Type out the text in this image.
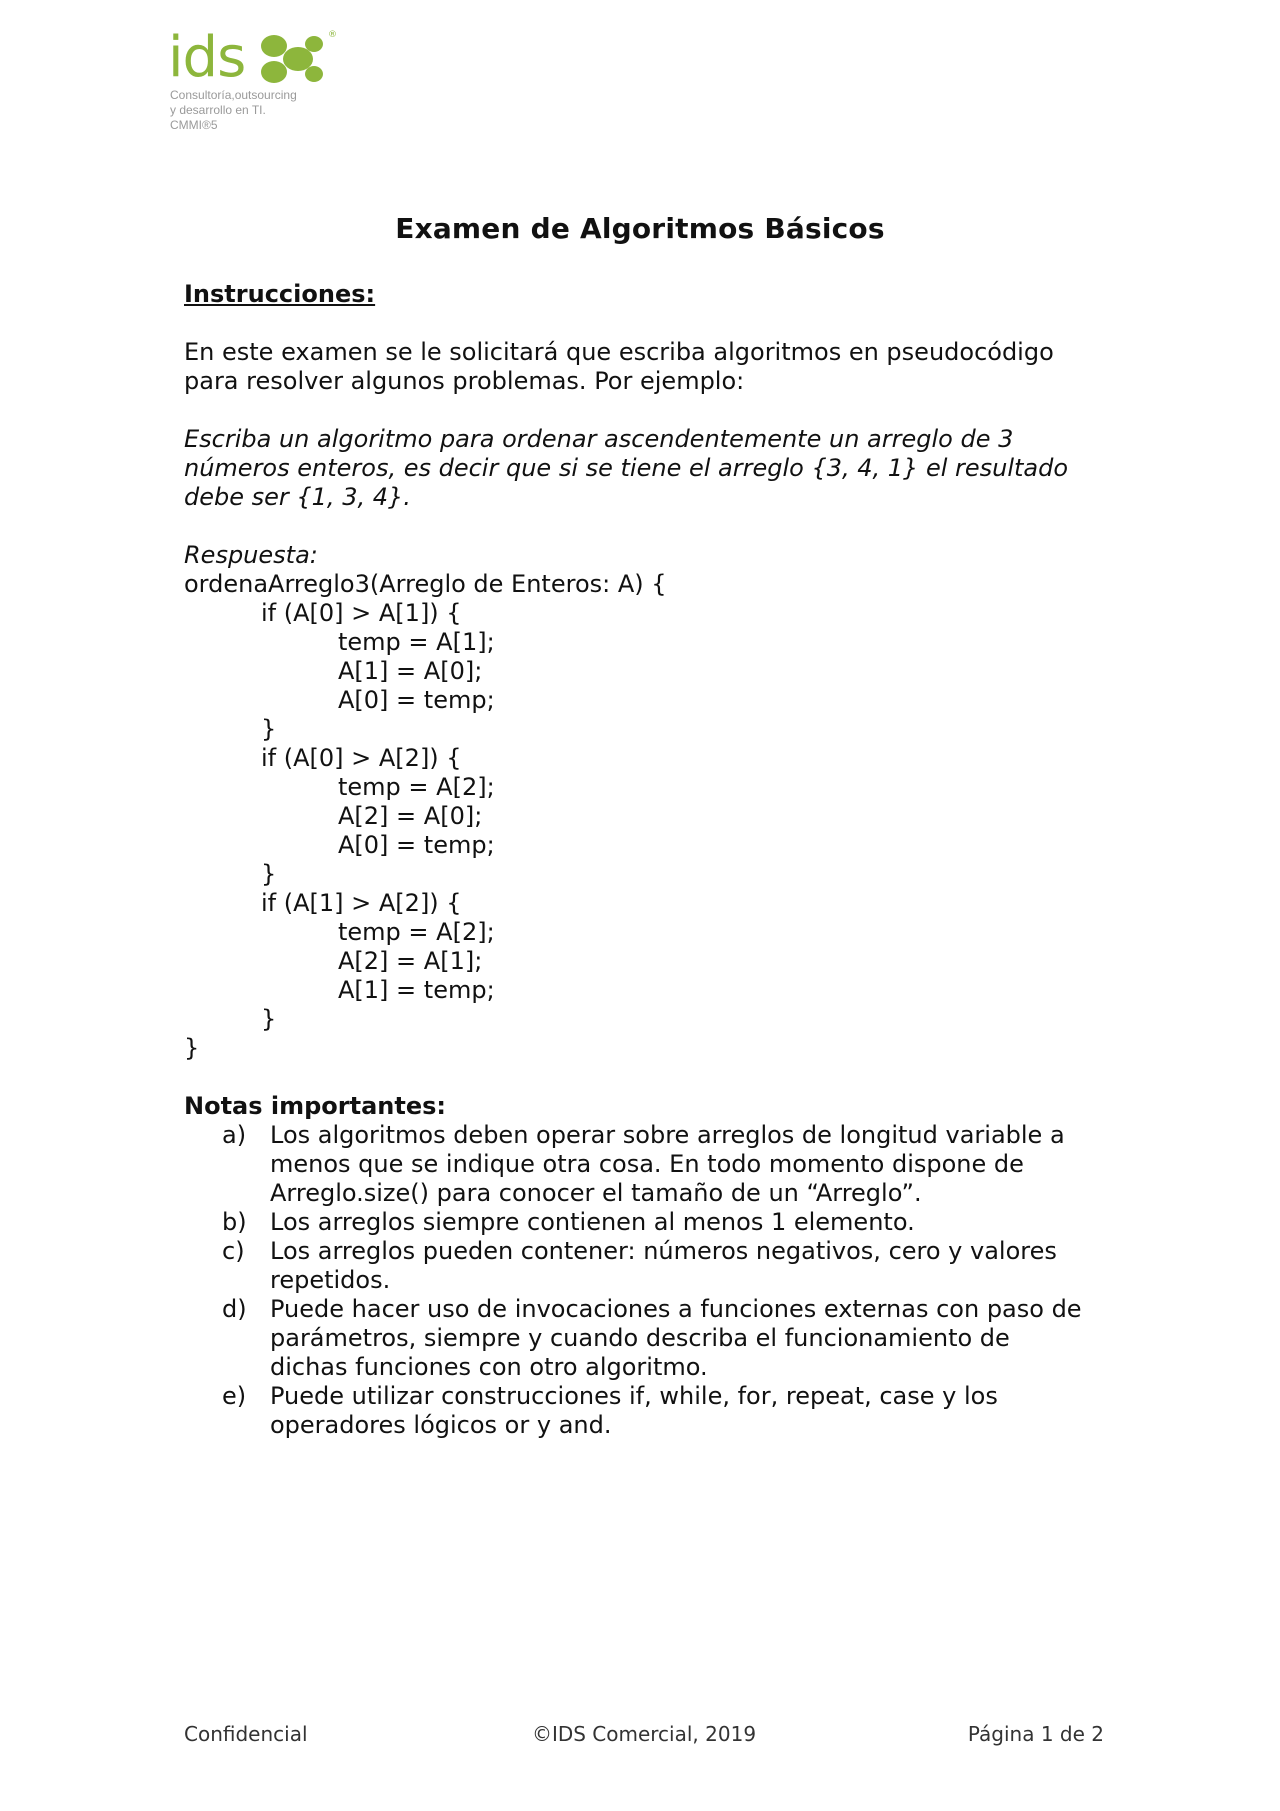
ids	®
Consultoría,outsourcing
y desarrollo en TI.
CMMI®5
Examen de Algoritmos Básicos
Instrucciones:
En este examen se le solicitará que escriba algoritmos en pseudocódigo para resolver algunos problemas. Por ejemplo:
Escriba un algoritmo para ordenar ascendentemente un arreglo de 3 números enteros, es decir que si se tiene el arreglo {3, 4, 1} el resultado debe ser {1, 3, 4}.
Respuesta:
ordenaArreglo3(Arreglo de Enteros: A) {
if (A[0] > A[1]) {
temp = A[1];
A[1] = A[0];
A[0] = temp;
}
if (A[0] > A[2]) {
temp = A[2];
A[2] = A[0];
A[0] = temp;
}
if (A[1] > A[2]) {
temp = A[2];
A[2] = A[1];
A[1] = temp;
}
}
Notas importantes:
a) Los algoritmos deben operar sobre arreglos de longitud variable a menos que se indique otra cosa. En todo momento dispone de Arreglo.size() para conocer el tamaño de un “Arreglo”.
b) Los arreglos siempre contienen al menos 1 elemento.
c)	Los arreglos pueden contener: números negativos, cero y valores repetidos.
d) Puede hacer uso de invocaciones a funciones externas con paso de parámetros, siempre y cuando describa el funcionamiento de dichas funciones con otro algoritmo.
e) Puede utilizar construcciones if, while, for, repeat, case y los operadores lógicos or y and.
Confidencial	©IDS Comercial, 2019	Página 1 de 2
